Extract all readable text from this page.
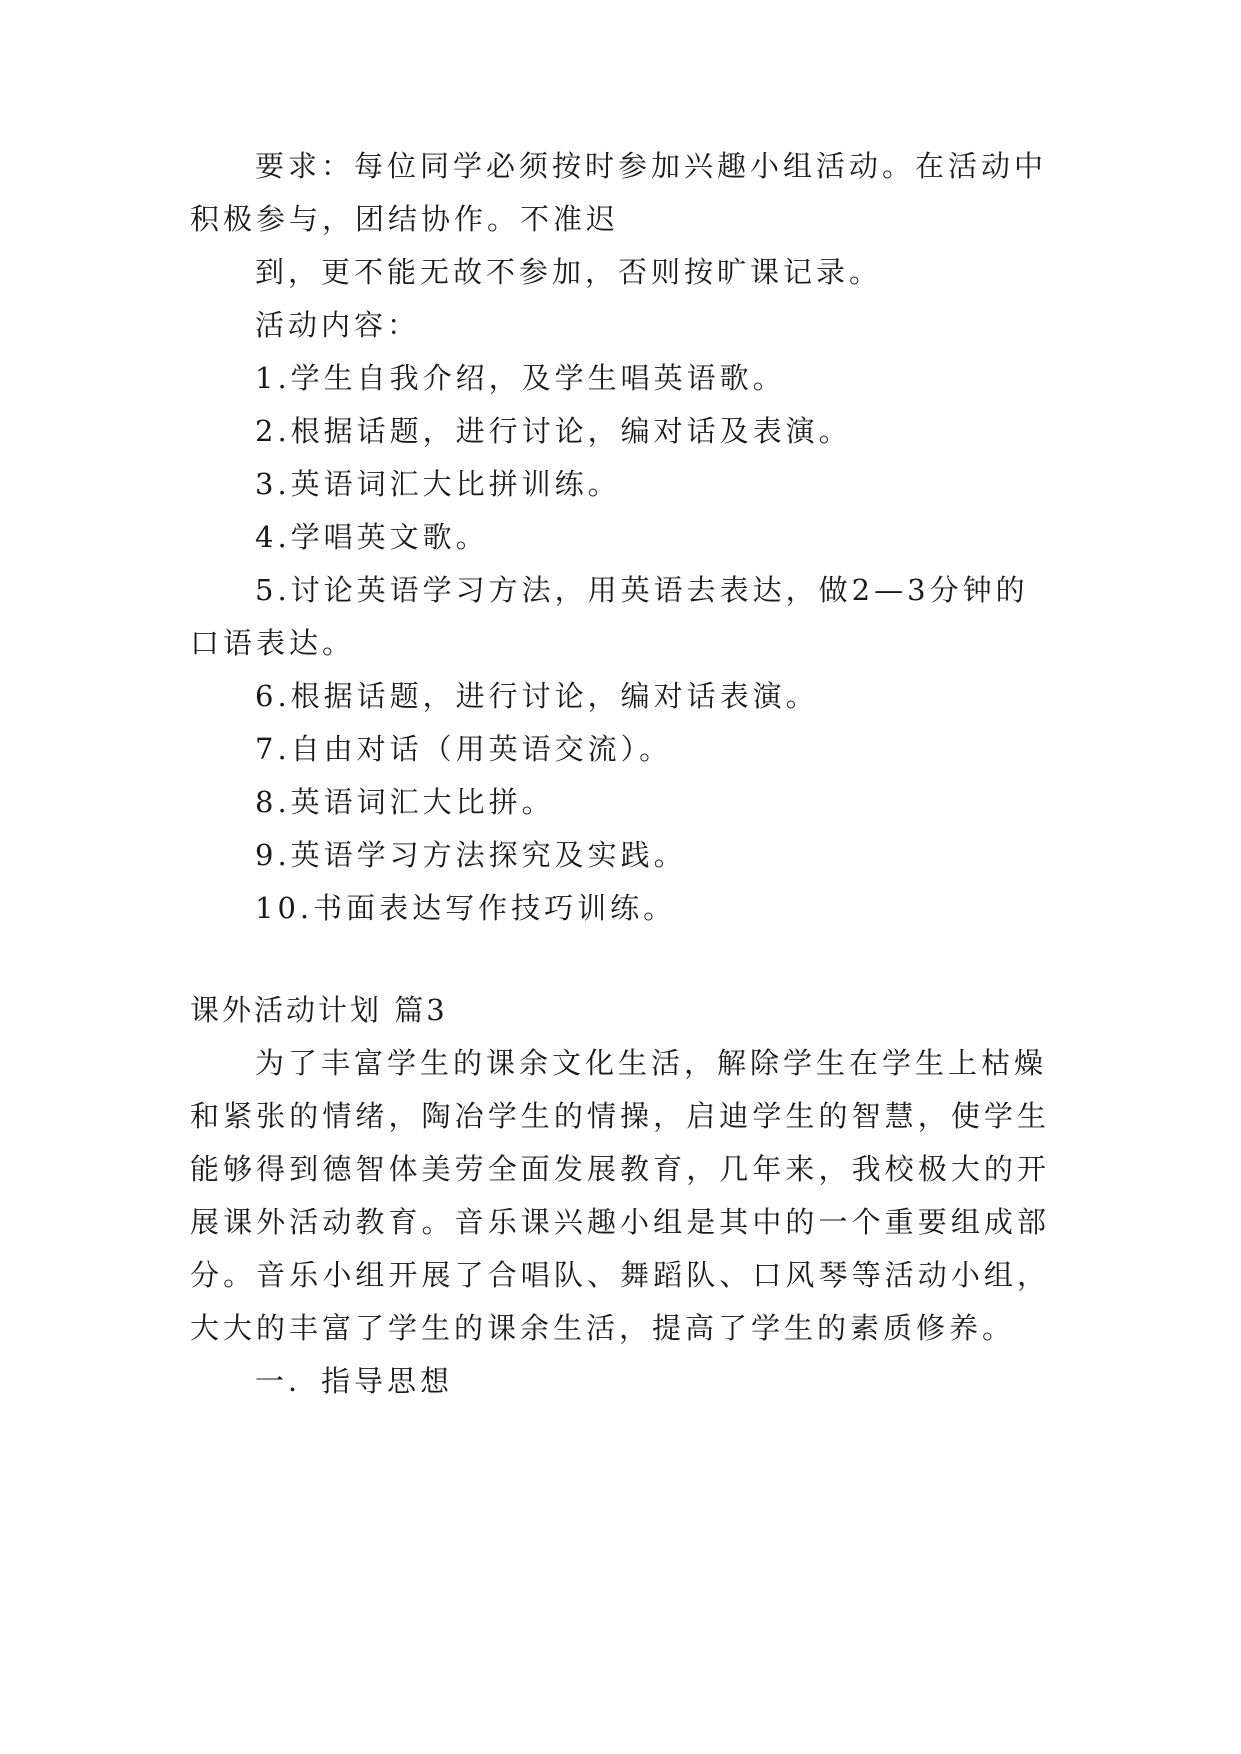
要求：每位同学必须按时参加兴趣小组活动。在活动中

积极参与，团结协作。不准迟

到，更不能无故不参加，否则按旷课记录。

活动内容：

1.学生自我介绍，及学生唱英语歌。

2.根据话题，进行讨论，编对话及表演。

3.英语词汇大比拼训练。

4.学唱英文歌。

5.讨论英语学习方法，用英语去表达，做2—3分钟的

口语表达。

6.根据话题，进行讨论，编对话表演。

7.自由对话（用英语交流）。

8.英语词汇大比拼。

9.英语学习方法探究及实践。

10.书面表达写作技巧训练。

课外活动计划 篇3

为了丰富学生的课余文化生活，解除学生在学生上枯燥

和紧张的情绪，陶冶学生的情操，启迪学生的智慧，使学生

能够得到德智体美劳全面发展教育，几年来，我校极大的开

展课外活动教育。音乐课兴趣小组是其中的一个重要组成部

分。音乐小组开展了合唱队、舞蹈队、口风琴等活动小组，

大大的丰富了学生的课余生活，提高了学生的素质修养。

一．指导思想
